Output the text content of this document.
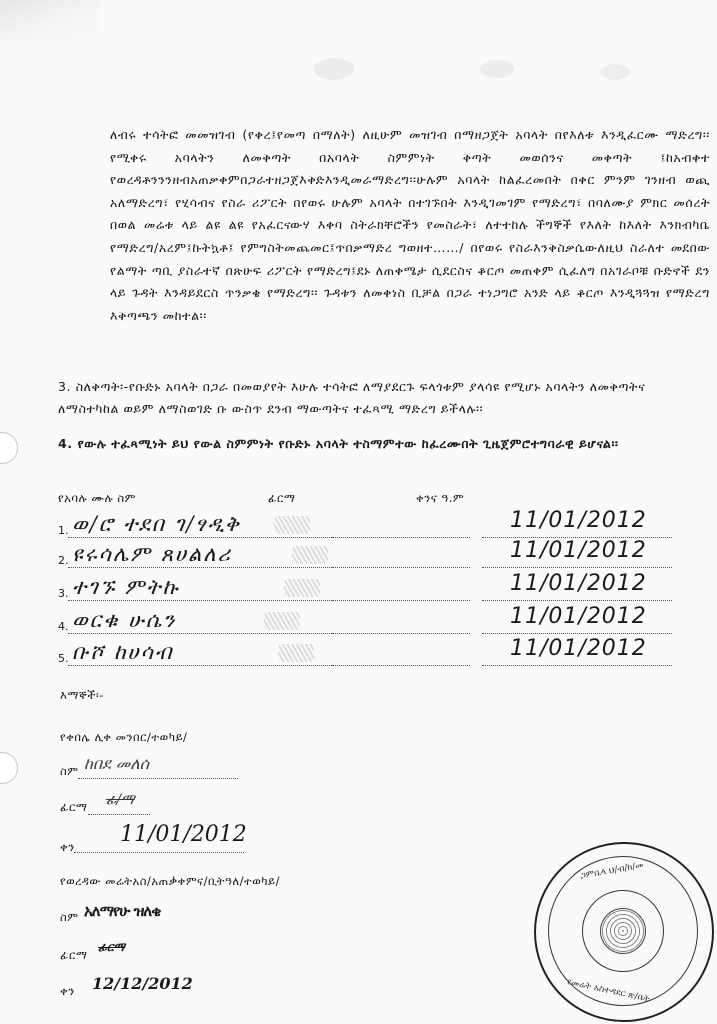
ለብሩ ተሳትፎ መመዝገብ (የቀረ፤የመጣ በማለት) ለዚሁም መዝገብ በማዘጋጀት አባላት በየእለቱ እንዲፈርሙ ማድረግ፡፡የሚቀሩ አባላትን ለመቅጣት በአባላት ስምምነት ቅጣት መወሰንና መቀጣት ፤ከአብቀተ የወረዳቶንንንዘብአጠቃቀምበጋራተዘጋጀእቅድእንዲመራማድረግ፡፡ሁሉም አባላት ከልፈረመበት በቀር ምንም ገንዘብ ወጪ አለማድረግ፣ የሂሳብና የስራ ሪፖርት በየወሩ ሁሉም አባላት በተገኙበት እንዲገመገም የማድረግ፣ በባለሙያ ምክር መሰረት በወል መሬቱ ላይ ልዩ ልዩ የአፈርናውሃ እቀባ ስትራክቸሮችን የመስራት፣ ለተተከሉ ችግኞች የእለት ከእለት እንክብካቤ የማድረግ/አረም፤ኩትኳቶ፤ የምግስትመጨመር፤ጥበቃማድረ ግወዘተ……/ በየወሩ የስራእንቅስቃሴውለዚህ ስራለተ መደበው የልማት ጣቢ ያስራተኛ በጽሁፍ ሪፖርት የማድረግ፤ደኑ ለጠቀሜታ ሲደርስና ቆርጦ መጠቀም ሲፈለግ በአገራቦቹ ቡድኖች ደን ላይ ጉዳት እንዳይደርስ ጥንቃቄ የማድረግ፡፡ ጉዳቱን ለመቀነስ ቢቻል በጋራ ተነጋግሮ አንድ ላይ ቆርጦ እንዲጓጓዝ የማድረግ እቅጣጫን መከተል፡፡
3. ስለቅጣት፡-የቡድኑ አባላት በጋራ በመወያየት እሁሉ ተሳትፎ ለማያደርጉ ፍላጎቱም ያላሳዩ የሚሆኑ አባላትን ለመቅጣትና ለማስተካከል ወይም ለማስወገድ ቡ ውስጥ ደንብ ማውጣትና ተፈጻሚ ማድረግ ይችላሉ፡፡
4. የውሉ ተፈጻሚነት ይህ የውል ስምምነት የቡድኑ አባላት ተስማምተው ከፈረሙበት ጊዜጀምሮተግባራዊ ይሆናል፡፡
የአባሉ ሙሉ ስም	ፊርማ	ቀንና ዓ.ም
1. ወ/ሮ ተደበ ገ/ፃዲቅ	11/01/2012
2. ዩሩሳሌም ጸሀልለሪ	11/01/2012
3. ተገኙ ምትኩ	11/01/2012
4. ወርቁ ሁሴን	11/01/2012
5. ቡሾ ከሀሳብ	11/01/2012
እማኞች፡-
የቀበሌ ሊቀ መንበር/ተወካይ/
ስም ከበደ መለሰ
ፊርማ ፊ/ማ
ቀን 11/01/2012
የወረዳው መሬትአስ/አጠቃቀምና/ቢትዓለ/ተወካይ/
ስም አለማየሁ ዝለቄ
ፊርማ
ፊርማ
ቀን 12/12/2012
ጋምቤላ ህ/ብ/ክ/መ
የመሬት አስተዳደር ጽ/ቤት
